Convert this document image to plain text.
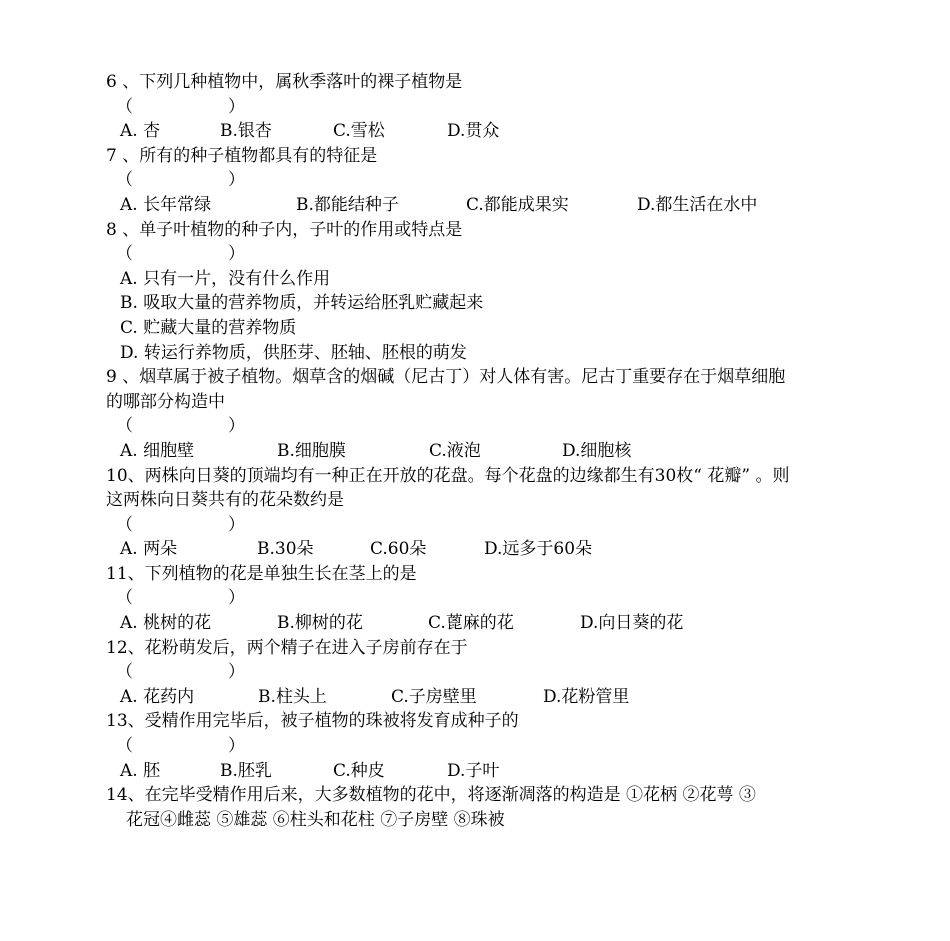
6 、下列几种植物中，属秋季落叶的裸子植物是
（	）
A. 杏	B.银杏	C.雪松	D.贯众
7 、所有的种子植物都具有的特征是
（	）
A. 长年常绿	B.都能结种子	C.都能成果实	D.都生活在水中
8 、单子叶植物的种子内，子叶的作用或特点是
（	）
A. 只有一片，没有什么作用
B. 吸取大量的营养物质，并转运给胚乳贮藏起来
C. 贮藏大量的营养物质
D. 转运行养物质，供胚芽、胚轴、胚根的萌发
9 、烟草属于被子植物。烟草含的烟碱（尼古丁）对人体有害。尼古丁重要存在于烟草细胞
的哪部分构造中
（	）
A. 细胞壁	B.细胞膜	C.液泡	D.细胞核
10、两株向日葵的顶端均有一种正在开放的花盘。每个花盘的边缘都生有30枚“ 花瓣” 。则
这两株向日葵共有的花朵数约是
（	）
A. 两朵	B.30朵	C.60朵	D.远多于60朵
11、下列植物的花是单独生长在茎上的是
（	）
A. 桃树的花	B.柳树的花	C.蓖麻的花	D.向日葵的花
12、花粉萌发后，两个精子在进入子房前存在于
（	）
A. 花药内	B.柱头上	C.子房壁里	D.花粉管里
13、受精作用完毕后，被子植物的珠被将发育成种子的
（	）
A. 胚	B.胚乳	C.种皮	D.子叶
14、在完毕受精作用后来，大多数植物的花中，将逐渐凋落的构造是 ①花柄 ②花萼 ③
花冠④雌蕊 ⑤雄蕊 ⑥柱头和花柱 ⑦子房壁 ⑧珠被
